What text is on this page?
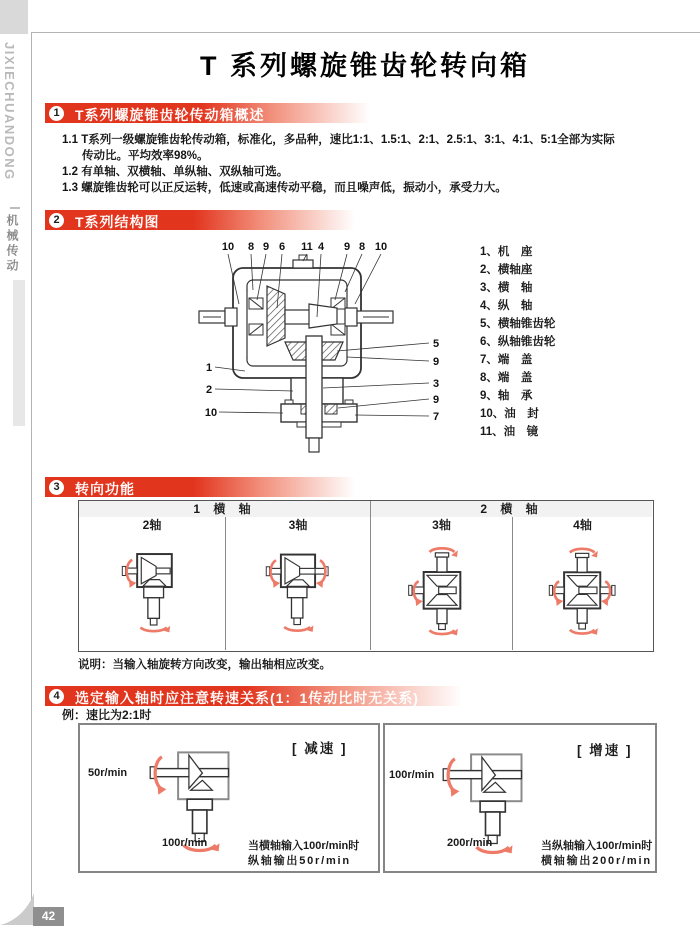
JIXIECHUANDONG
机械传动
42
T 系列螺旋锥齿轮转向箱
1	T系列螺旋锥齿轮传动箱概述
1.1 T系列一级螺旋锥齿轮传动箱，标准化，多品种，速比1:1、1.5:1、2:1、2.5:1、3:1、4:1、5:1全部为实际
传动比。平均效率98%。
1.2 有单轴、双横轴、单纵轴、双纵轴可选。
1.3 螺旋锥齿轮可以正反运转，低速或高速传动平稳，而且噪声低，振动小，承受力大。
2	T系列结构图
10 8 9 6 11 4 9 8 10
1
2
10
5
9
3
9
7
1、机　座
2、横轴座
3、横　轴
4、纵　轴
5、横轴锥齿轮
6、纵轴锥齿轮
7、端　盖
8、端　盖
9、轴　承
10、油　封
11、油　镜
3	转向功能
1 横 轴	2 横 轴
2轴	3轴	3轴	4轴
说明：当输入轴旋转方向改变，输出轴相应改变。
4	选定输入轴时应注意转速关系(1：1传动比时无关系)
例：速比为2:1时
[ 减速 ]
50r/min
100r/min	当横轴输入100r/min时
纵轴输出50r/min
[ 增速 ]
100r/min
200r/min	当纵轴输入100r/min时
横轴输出200r/min
